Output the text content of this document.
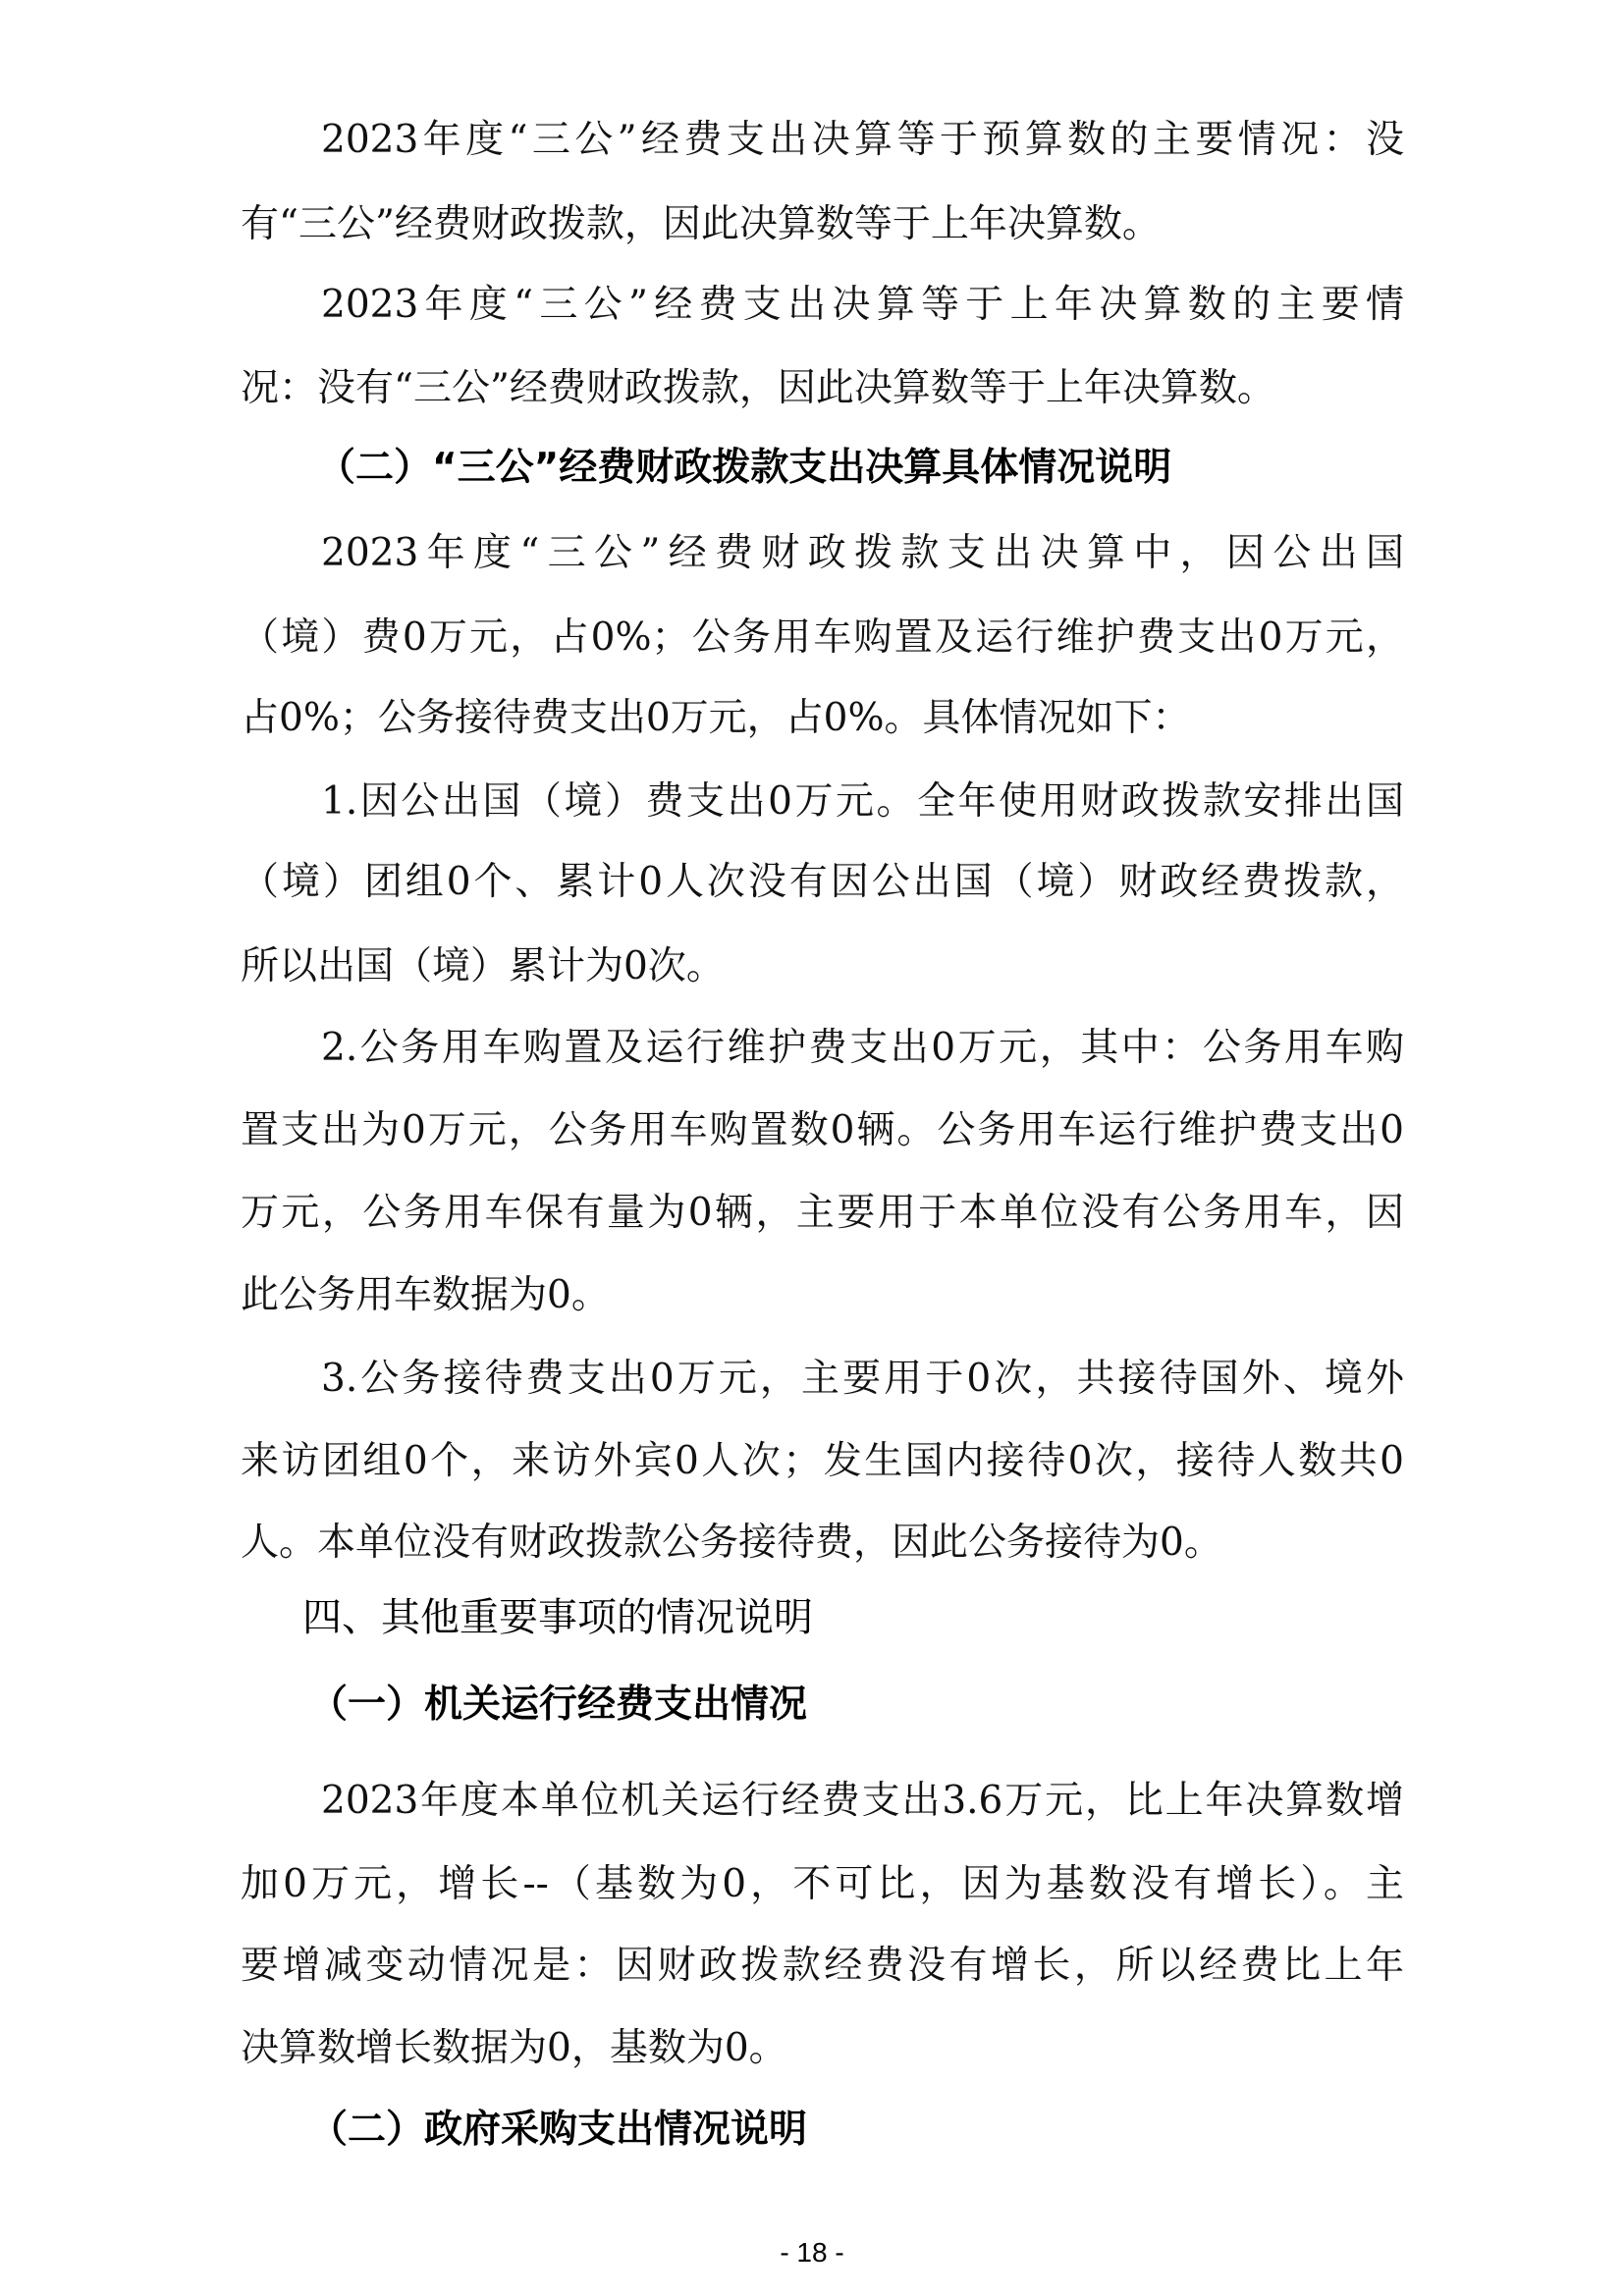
2023年度“三公”经费支出决算等于预算数的主要情况：没
有“三公”经费财政拨款，因此决算数等于上年决算数。
2023年度“三公”经费支出决算等于上年决算数的主要情
况：没有“三公”经费财政拨款，因此决算数等于上年决算数。
（二）“三公”经费财政拨款支出决算具体情况说明
2023年度“三公”经费财政拨款支出决算中，因公出国
（境）费0万元，占0%；公务用车购置及运行维护费支出0万元，
占0%；公务接待费支出0万元，占0%。具体情况如下：
1.因公出国（境）费支出0万元。全年使用财政拨款安排出国
（境）团组0个、累计0人次没有因公出国（境）财政经费拨款，
所以出国（境）累计为0次。
2.公务用车购置及运行维护费支出0万元，其中：公务用车购
置支出为0万元，公务用车购置数0辆。公务用车运行维护费支出0
万元，公务用车保有量为0辆，主要用于本单位没有公务用车，因
此公务用车数据为0。
3.公务接待费支出0万元，主要用于0次，共接待国外、境外
来访团组0个，来访外宾0人次；发生国内接待0次，接待人数共0
人。本单位没有财政拨款公务接待费，因此公务接待为0。
四、其他重要事项的情况说明
（一）机关运行经费支出情况
2023年度本单位机关运行经费支出3.6万元，比上年决算数增
加0万元，增长--（基数为0，不可比，因为基数没有增长）。主
要增减变动情况是：因财政拨款经费没有增长，所以经费比上年
决算数增长数据为0，基数为0。
（二）政府采购支出情况说明
- 18 -
